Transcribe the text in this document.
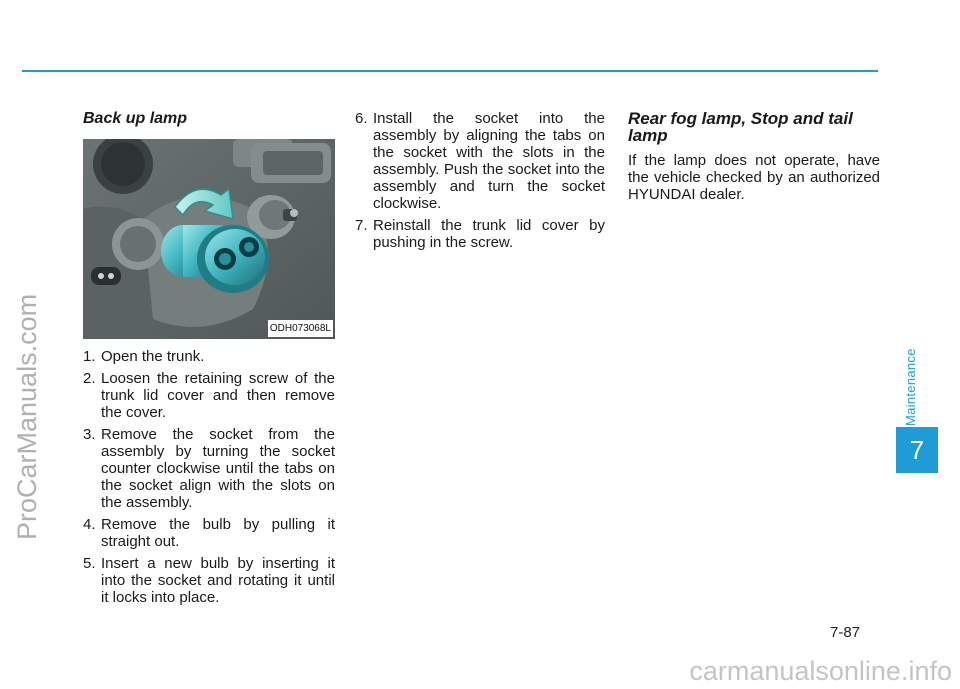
ProCarManuals.com
carmanualsonline.info
Maintenance
7
Back up lamp
ODH073068L
1. Open the trunk.
2. Loosen the retaining screw of the trunk lid cover and then remove the cover.
3. Remove the socket from the assembly by turning the socket counter clockwise until the tabs on the socket align with the slots on the assembly.
4. Remove the bulb by pulling it straight out.
5. Insert a new bulb by inserting it into the socket and rotating it until it locks into place.
6. Install the socket into the assembly by aligning the tabs on the socket with the slots in the assembly. Push the socket into the assembly and turn the socket clockwise.
7. Reinstall the trunk lid cover by pushing in the screw.
Rear fog lamp, Stop and tail lamp

If the lamp does not operate, have the vehicle checked by an authorized HYUNDAI dealer.

7-87
